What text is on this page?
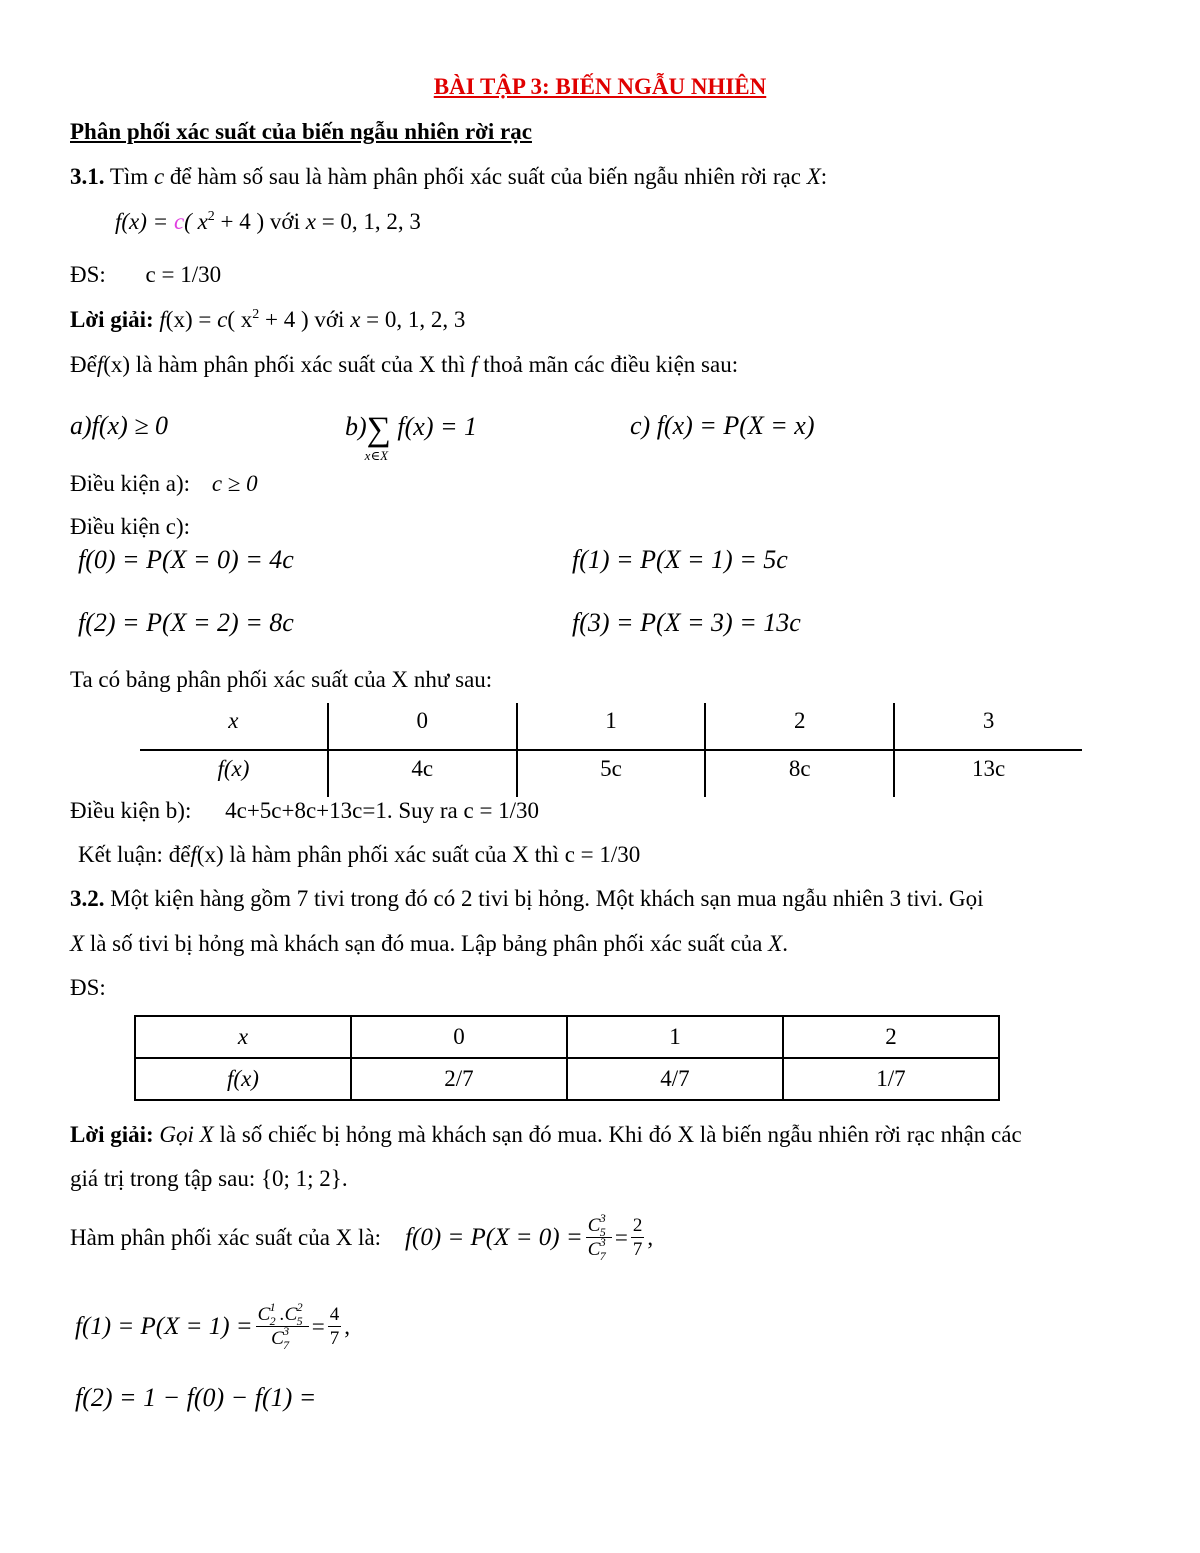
BÀI TẬP 3: BIẾN NGẪU NHIÊN
Phân phối xác suất của biến ngẫu nhiên rời rạc
3.1. Tìm c để hàm số sau là hàm phân phối xác suất của biến ngẫu nhiên rời rạc X:
f(x) = c( $x^2 + 4$ ) với x = 0, 1, 2, 3
ĐS: c = 1/30
Lời giải: f(x) = c( $x^2 + 4$ ) với x = 0, 1, 2, 3
Đểf(x) là hàm phân phối xác suất của X thì f thoả mãn các điều kiện sau:
a)f(x) ≥ 0	b)∑
x∈X
f(x) = 1	c) f(x) = P(X = x)
Điều kiện a): c ≥ 0
Điều kiện c):
f(0) = P(X = 0) = 4c	f(1) = P(X = 1) = 5c
f(2) = P(X = 2) = 8c	f(3) = P(X = 3) = 13c
Ta có bảng phân phối xác suất của X như sau:
x	0	1	2	3
f(x)	4c	5c	8c	13c
Điều kiện b): 4c+5c+8c+13c=1. Suy ra c = 1/30
Kết luận: đểf(x) là hàm phân phối xác suất của X thì c = 1/30
3.2. Một kiện hàng gồm 7 tivi trong đó có 2 tivi bị hỏng. Một khách sạn mua ngẫu nhiên 3 tivi. Gọi
X là số tivi bị hỏng mà khách sạn đó mua. Lập bảng phân phối xác suất của X.
ĐS:
x	0	1	2
f(x)	2/7	4/7	1/7
Lời giải: Gọi X là số chiếc bị hỏng mà khách sạn đó mua. Khi đó X là biến ngẫu nhiên rời rạc nhận các
giá trị trong tập sau: {0; 1; 2}.
Hàm phân phối xác suất của X là: f(0) = P(X = 0) = C 3
5

C 3
7
= $\frac{2}{7}$ ,
f(1) = P(X = 1) = C 1
2 .C 2
5

C 3
7
= $\frac{4}{7}$ ,
f(2) = 1 − f(0) − f(1) =
